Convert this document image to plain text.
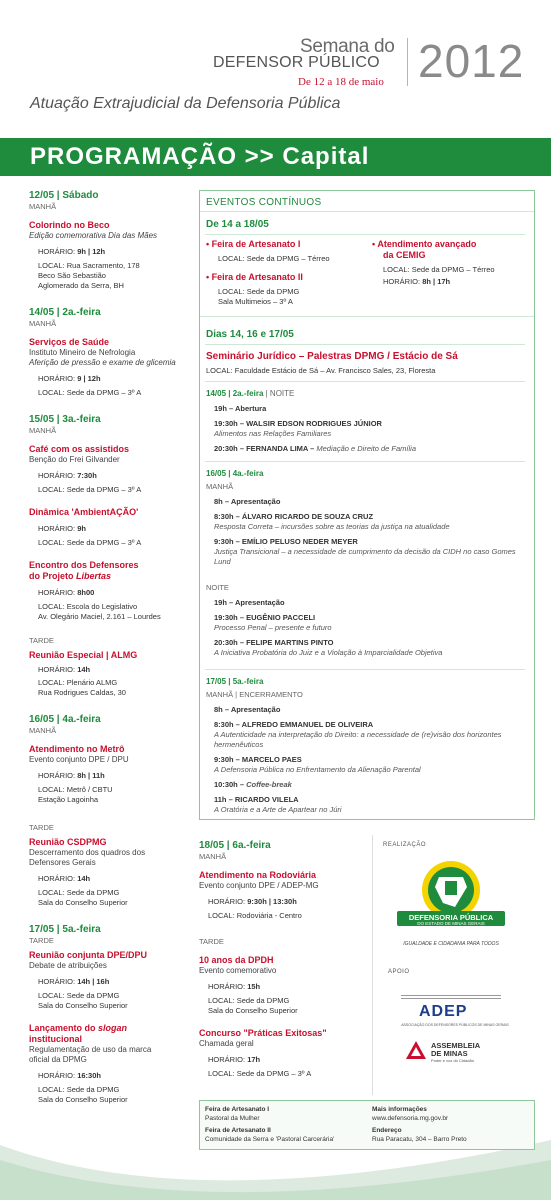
Semana do
DEFENSOR PÚBLICO
De 12 a 18 de maio 2012
Atuação Extrajudicial da Defensoria Pública
PROGRAMAÇÃO >> Capital
12/05 | Sábado
MANHÃ
Colorindo no Beco
Edição comemorativa Dia das Mães
HORÁRIO: 9h | 12h
LOCAL: Rua Sacramento, 178
Beco São Sebastião
Aglomerado da Serra, BH
14/05 | 2a.-feira
MANHÃ
Serviços de Saúde
Instituto Mineiro de Nefrologia
Aferição de pressão e exame de glicemia
HORÁRIO: 9 | 12h
LOCAL: Sede da DPMG – 3º A
15/05 | 3a.-feira
MANHÃ
Café com os assistidos
Benção do Frei Gilvander
HORÁRIO: 7:30h
LOCAL: Sede da DPMG – 3º A
Dinâmica 'AmbientAÇÃO'
HORÁRIO: 9h
LOCAL: Sede da DPMG – 3º A
Encontro dos Defensores
do Projeto Libertas
HORÁRIO: 8h00
LOCAL: Escola do Legislativo
Av. Olegário Maciel, 2.161 – Lourdes
TARDE
Reunião Especial | ALMG
HORÁRIO: 14h
LOCAL: Plenário ALMG
Rua Rodrigues Caldas, 30
16/05 | 4a.-feira
MANHÃ
Atendimento no Metrô
Evento conjunto DPE / DPU
HORÁRIO: 8h | 11h
LOCAL: Metrô / CBTU
Estação Lagoinha
TARDE
Reunião CSDPMG
Descerramento dos quadros dos
Defensores Gerais
HORÁRIO: 14h
LOCAL: Sede da DPMG
Sala do Conselho Superior
17/05 | 5a.-feira
TARDE
Reunião conjunta DPE/DPU
Debate de atribuições
HORÁRIO: 14h | 16h
LOCAL: Sede da DPMG
Sala do Conselho Superior
Lançamento do slogan
institucional
Regulamentação de uso da marca
oficial da DPMG
HORÁRIO: 16:30h
LOCAL: Sede da DPMG
Sala do Conselho Superior
EVENTOS CONTÍNUOS
De 14 a 18/05
• Feira de Artesanato I
LOCAL: Sede da DPMG – Térreo
• Feira de Artesanato II
LOCAL: Sede da DPMG
Sala Multimeios – 3º A
• Atendimento avançado
da CEMIG
LOCAL: Sede da DPMG – Térreo
HORÁRIO: 8h | 17h
Dias 14, 16 e 17/05
Seminário Jurídico – Palestras DPMG / Estácio de Sá
LOCAL: Faculdade Estácio de Sá – Av. Francisco Sales, 23, Floresta
14/05 | 2a.-feira | NOITE
19h – Abertura
19:30h – WALSIR EDSON RODRIGUES JÚNIOR
Alimentos nas Relações Familiares
20:30h – FERNANDA LIMA – Mediação e Direito de Família
16/05 | 4a.-feira
MANHÃ
8h – Apresentação
8:30h – ÁLVARO RICARDO DE SOUZA CRUZ
Resposta Correta – incursões sobre as teorias da justiça na atualidade
9:30h – EMÍLIO PELUSO NEDER MEYER
Justiça Transicional – a necessidade de cumprimento da decisão da CIDH no caso Gomes Lund
NOITE
19h – Apresentação
19:30h – EUGÊNIO PACCELI
Processo Penal – presente e futuro
20:30h – FELIPE MARTINS PINTO
A Iniciativa Probatória do Juiz e a Violação à Imparcialidade Objetiva
17/05 | 5a.-feira
MANHÃ | ENCERRAMENTO
8h – Apresentação
8:30h – ALFREDO EMMANUEL DE OLIVEIRA
A Autenticidade na interpretação do Direito: a necessidade de (re)visão dos horizontes hermenêuticos
9:30h – MARCELO PAES
A Defensoria Pública no Enfrentamento da Alienação Parental
10:30h – Coffee-break
11h – RICARDO VILELA
A Oratória e a Arte de Apartear no Júri
18/05 | 6a.-feira
MANHÃ
Atendimento na Rodoviária
Evento conjunto DPE / ADEP-MG
HORÁRIO: 9:30h | 13:30h
LOCAL: Rodoviária - Centro
TARDE
10 anos da DPDH
Evento comemorativo
HORÁRIO: 15h
LOCAL: Sede da DPMG
Sala do Conselho Superior
Concurso "Práticas Exitosas"
Chamada geral
HORÁRIO: 17h
LOCAL: Sede da DPMG – 3º A
REALIZAÇÃO
DEFENSORIA PÚBLICA
DO ESTADO DE MINAS GERAIS
IGUALDADE E CIDADANIA PARA TODOS
APOIO
ADEP
ASSOCIAÇÃO DOS DEFENSORES PÚBLICOS DE MINAS GERAIS
ASSEMBLEIA
DE MINAS
Poder e voz do Cidadão
Feira de Artesanato I
Pastoral da Mulher
Feira de Artesanato II
Comunidade da Serra e 'Pastoral Carcerária'
Mais informações
www.defensoria.mg.gov.br
Endereço
Rua Paracatu, 304 – Barro Preto
